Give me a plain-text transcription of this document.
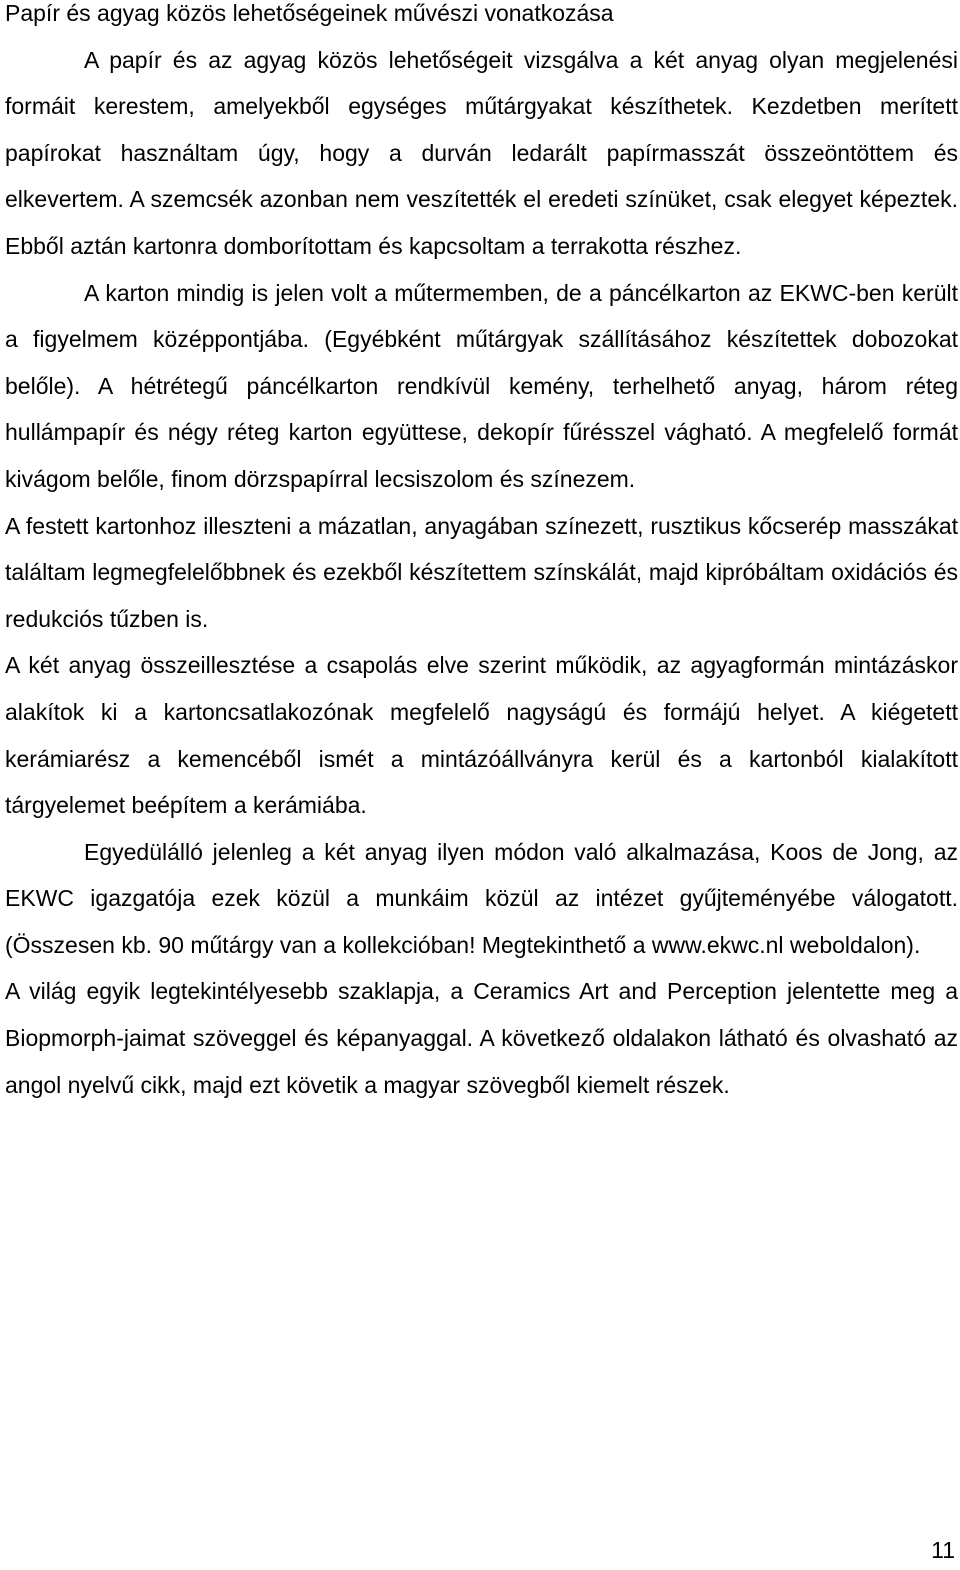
Papír és agyag közös lehetőségeinek művészi vonatkozása

A papír és az agyag közös lehetőségeit vizsgálva a két anyag olyan megjelenési formáit kerestem, amelyekből egységes műtárgyakat készíthetek. Kezdetben merített papírokat használtam úgy, hogy a durván ledarált papírmasszát összeöntöttem és elkevertem. A szemcsék azonban nem veszítették el eredeti színüket, csak elegyet képeztek. Ebből aztán kartonra domborítottam és kapcsoltam a terrakotta részhez.

A karton mindig is jelen volt a műtermemben, de a páncélkarton az EKWC-ben került a figyelmem középpontjába. (Egyébként műtárgyak szállításához készítettek dobozokat belőle). A hétrétegű páncélkarton rendkívül kemény, terhelhető anyag, három réteg hullámpapír és négy réteg karton együttese, dekopír fűrésszel vágható. A megfelelő formát kivágom belőle, finom dörzspapírral lecsiszolom és színezem.

A festett kartonhoz illeszteni a mázatlan, anyagában színezett, rusztikus kőcserép masszákat találtam legmegfelelőbbnek és ezekből készítettem színskálát, majd kipróbáltam oxidációs és redukciós tűzben is.

A két anyag összeillesztése a csapolás elve szerint működik, az agyagformán mintázáskor alakítok ki a kartoncsatlakozónak megfelelő nagyságú és formájú helyet. A kiégetett kerámiarész a kemencéből ismét a mintázóállványra kerül és a kartonból kialakított tárgyelemet beépítem a kerámiába.

Egyedülálló jelenleg a két anyag ilyen módon való alkalmazása, Koos de Jong, az EKWC igazgatója ezek közül a munkáim közül az intézet gyűjteményébe válogatott. (Összesen kb. 90 műtárgy van a kollekcióban! Megtekinthető a www.ekwc.nl weboldalon).

A világ egyik legtekintélyesebb szaklapja, a Ceramics Art and Perception jelentette meg a Biopmorph-jaimat szöveggel és képanyaggal. A következő oldalakon látható és olvasható az angol nyelvű cikk, majd ezt követik a magyar szövegből kiemelt részek.

11
